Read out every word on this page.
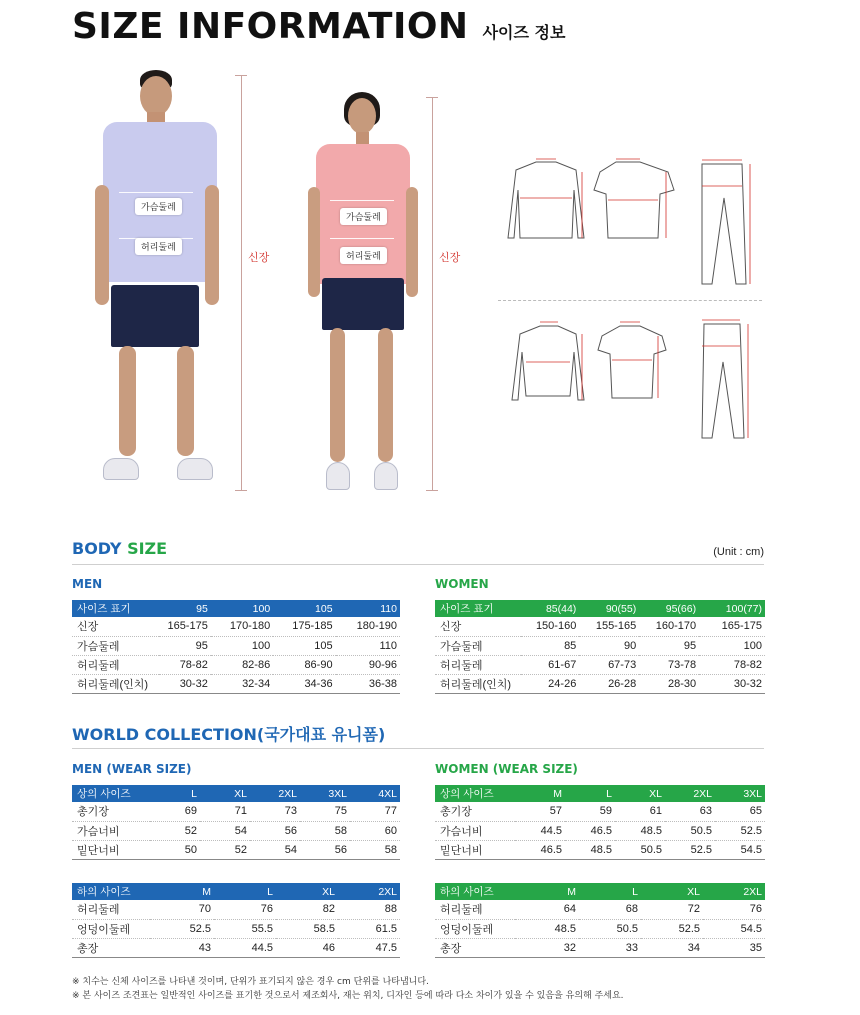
SIZE INFORMATION 사이즈 정보
가슴둘레
허리둘레
신장
가슴둘레
허리둘레	신장
BODY SIZE	(Unit : cm)
MEN	WOMEN
사이즈 표기	95	100	105	110
신장	165-175	170-180	175-185	180-190
가슴둘레	95	100	105	110
허리둘레	78-82	82-86	86-90	90-96
허리둘레(인치)	30-32	32-34	34-36	36-38
사이즈 표기	85(44)	90(55)	95(66)	100(77)
신장	150-160	155-165	160-170	165-175
가슴둘레	85	90	95	100
허리둘레	61-67	67-73	73-78	78-82
허리둘레(인치)	24-26	26-28	28-30	30-32
WORLD COLLECTION(국가대표 유니폼)
MEN (WEAR SIZE)	WOMEN (WEAR SIZE)
상의 사이즈	L	XL	2XL	3XL	4XL
총기장	69	71	73	75	77
가슴너비	52	54	56	58	60
밑단너비	50	52	54	56	58
상의 사이즈	M	L	XL	2XL	3XL
총기장	57	59	61	63	65
가슴너비	44.5	46.5	48.5	50.5	52.5
밑단너비	46.5	48.5	50.5	52.5	54.5
하의 사이즈	M	L	XL	2XL
허리둘레	70	76	82	88
엉덩이둘레	52.5	55.5	58.5	61.5
총장	43	44.5	46	47.5
하의 사이즈	M	L	XL	2XL
허리둘레	64	68	72	76
엉덩이둘레	48.5	50.5	52.5	54.5
총장	32	33	34	35
※ 치수는 신체 사이즈를 나타낸 것이며, 단위가 표기되지 않은 경우 cm 단위를 나타냅니다.
※ 본 사이즈 조견표는 일반적인 사이즈를 표기한 것으로서 제조회사, 재는 위치, 디자인 등에 따라 다소 차이가 있을 수 있음을 유의해 주세요.
